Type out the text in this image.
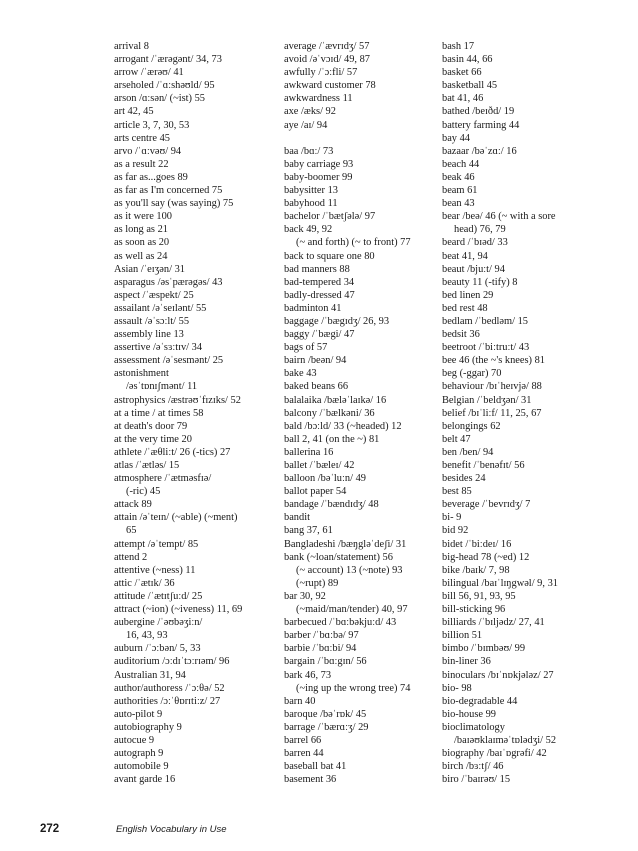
arrival 8
arrogant /ˈærəgənt/ 34, 73
arrow /ˈærəʊ/ 41
arseholed /ˈɑːshəʊld/ 95
arson /ɑːsən/ (~ist) 55
art 42, 45
article 3, 7, 30, 53
arts centre 45
arvo /ˈɑːvəʊ/ 94
as a result 22
as far as...goes 89
as far as I'm concerned 75
as you'll say (was saying) 75
as it were 100
as long as 21
as soon as 20
as well as 24
Asian /ˈeɪʒən/ 31
asparagus /əsˈpærəgəs/ 43
aspect /ˈæspekt/ 25
assailant /əˈseɪlənt/ 55
assault /əˈsɔːlt/ 55
assembly line 13
assertive /əˈsɜːtɪv/ 34
assessment /əˈsesmənt/ 25
astonishment
/əsˈtɒnɪʃmənt/ 11
astrophysics /æstrəʊˈfɪzɪks/ 52
at a time / at times 58
at death's door 79
at the very time 20
athlete /ˈæθliːt/ 26 (-tics) 27
atlas /ˈætləs/ 15
atmosphere /ˈætməsfɪə/
(-ric) 45
attack 89
attain /əˈteɪn/ (~able) (~ment)
65
attempt /əˈtempt/ 85
attend 2
attentive (~ness) 11
attic /ˈætɪk/ 36
attitude /ˈætɪtʃuːd/ 25
attract (~ion) (~iveness) 11, 69
aubergine /ˈəʊbəʒiːn/
16, 43, 93
auburn /ˈɔːbən/ 5, 33
auditorium /ɔːdɪˈtɔːrɪəm/ 96
Australian 31, 94
author/authoress /ˈɔːθə/ 52
authorities /ɔːˈθɒrɪtiːz/ 27
auto-pilot 9
autobiography 9
autocue 9
autograph 9
automobile 9
avant garde 16
average /ˈævrɪdʒ/ 57
avoid /əˈvɔɪd/ 49, 87
awfully /ˈɔːfli/ 57
awkward customer 78
awkwardness 11
axe /æks/ 92
aye /aɪ/ 94

baa /bɑː/ 73
baby carriage 93
baby-boomer 99
babysitter 13
babyhood 11
bachelor /ˈbætʃələ/ 97
back 49, 92
(~ and forth) (~ to front) 77
back to square one 80
bad manners 88
bad-tempered 34
badly-dressed 47
badminton 41
baggage /ˈbægɪdʒ/ 26, 93
baggy /ˈbægi/ 47
bags of 57
bairn /beən/ 94
bake 43
baked beans 66
balalaika /bæləˈlaɪkə/ 16
balcony /ˈbælkəni/ 36
bald /bɔːld/ 33 (~headed) 12
ball 2, 41 (on the ~) 81
ballerina 16
ballet /ˈbæleɪ/ 42
balloon /bəˈluːn/ 49
ballot paper 54
bandage /ˈbændɪdʒ/ 48
bandit
bang 37, 61
Bangladeshi /bæŋgləˈdeʃi/ 31
bank (~loan/statement) 56
(~ account) 13 (~note) 93
(~rupt) 89
bar 30, 92
(~maid/man/tender) 40, 97
barbecued /ˈbɑːbəkjuːd/ 43
barber /ˈbɑːbə/ 97
barbie /ˈbɑːbi/ 94
bargain /ˈbɑːgɪn/ 56
bark 46, 73
(~ing up the wrong tree) 74
barn 40
baroque /bəˈrɒk/ 45
barrage /ˈbærɑːʒ/ 29
barrel 66
barren 44
baseball bat 41
basement 36
bash 17
basin 44, 66
basket 66
basketball 45
bat 41, 46
bathed /beɪðd/ 19
battery farming 44
bay 44
bazaar /bəˈzɑː/ 16
beach 44
beak 46
beam 61
bean 43
bear /beə/ 46 (~ with a sore
head) 76, 79
beard /ˈbɪəd/ 33
beat 41, 94
beaut /bjuːt/ 94
beauty 11 (-tify) 8
bed linen 29
bed rest 48
bedlam /ˈbedləm/ 15
bedsit 36
beetroot /ˈbiːtruːt/ 43
bee 46 (the ~'s knees) 81
beg (-ggar) 70
behaviour /bɪˈheɪvjə/ 88
Belgian /ˈbeldʒən/ 31
belief /bɪˈliːf/ 11, 25, 67
belongings 62
belt 47
ben /ben/ 94
benefit /ˈbenəfɪt/ 56
besides 24
best 85
beverage /ˈbevrɪdʒ/ 7
bi- 9
bid 92
bidet /ˈbiːdeɪ/ 16
big-head 78 (~ed) 12
bike /baɪk/ 7, 98
bilingual /baɪˈlɪŋgwəl/ 9, 31
bill 56, 91, 93, 95
bill-sticking 96
billiards /ˈbɪljədz/ 27, 41
billion 51
bimbo /ˈbɪmbəʊ/ 99
bin-liner 36
binoculars /bɪˈnɒkjələz/ 27
bio- 98
bio-degradable 44
bio-house 99
bioclimatology
/baɪəʊklaɪməˈtɒlədʒi/ 52
biography /baɪˈɒgrəfi/ 42
birch /bɜːtʃ/ 46
biro /ˈbaɪrəʊ/ 15
272	English Vocabulary in Use
